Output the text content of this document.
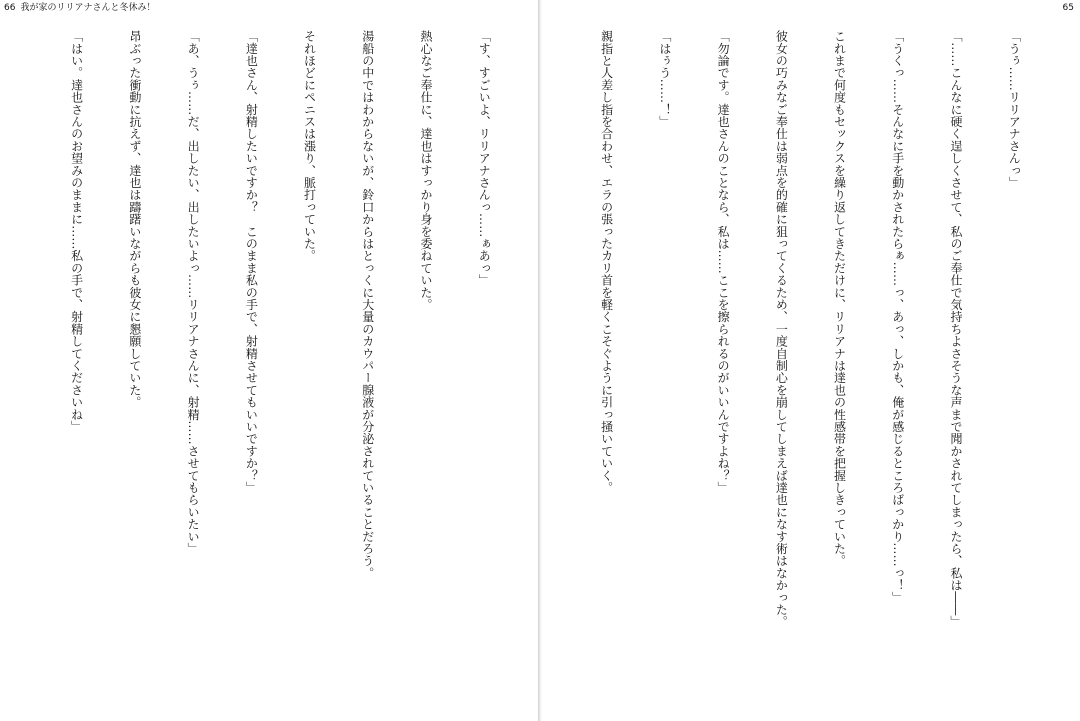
66 我が家のリリアナさんと冬休み！

「す、すごいよ、リリアナさんっ……ぁあっ」

熱心なご奉仕に、達也はすっかり身を委ねていた。

湯船の中ではわからないが、鈴口からはとっくに大量のカウパー腺液が分泌されていることだろう。

それほどにペニスは漲り、脈打っていた。

「達也さん、射精したいですか？　このまま私の手で、射精させてもいいですか？」

「あ、うぅ……だ、出したい、出したいよっ……リリアナさんに、射精……させてもらいたい」

昂ぶった衝動に抗えず、達也は躊躇いながらも彼女に懇願していた。

「はい。達也さんのお望みのままに……私の手で、射精してくださいね」

65

「うぅ……リリアナさんっ」

「……こんなに硬く逞しくさせて、私のご奉仕で気持ちよさそうな声まで聞かされてしまったら、私は――」

「うくっ……そんなに手を動かされたらぁ……っ、あっ、しかも、俺が感じるところばっかり……っ！」

これまで何度もセックスを繰り返してきただけに、リリアナは達也の性感帯を把握しきっていた。

彼女の巧みなご奉仕は弱点を的確に狙ってくるため、一度自制心を崩してしまえば達也になす術はなかった。

「勿論です。達也さんのことなら、私は……ここを擦られるのがいいんですよね？」

「はぅう……！」

親指と人差し指を合わせ、エラの張ったカリ首を軽くこそぐように引っ掻いていく。
